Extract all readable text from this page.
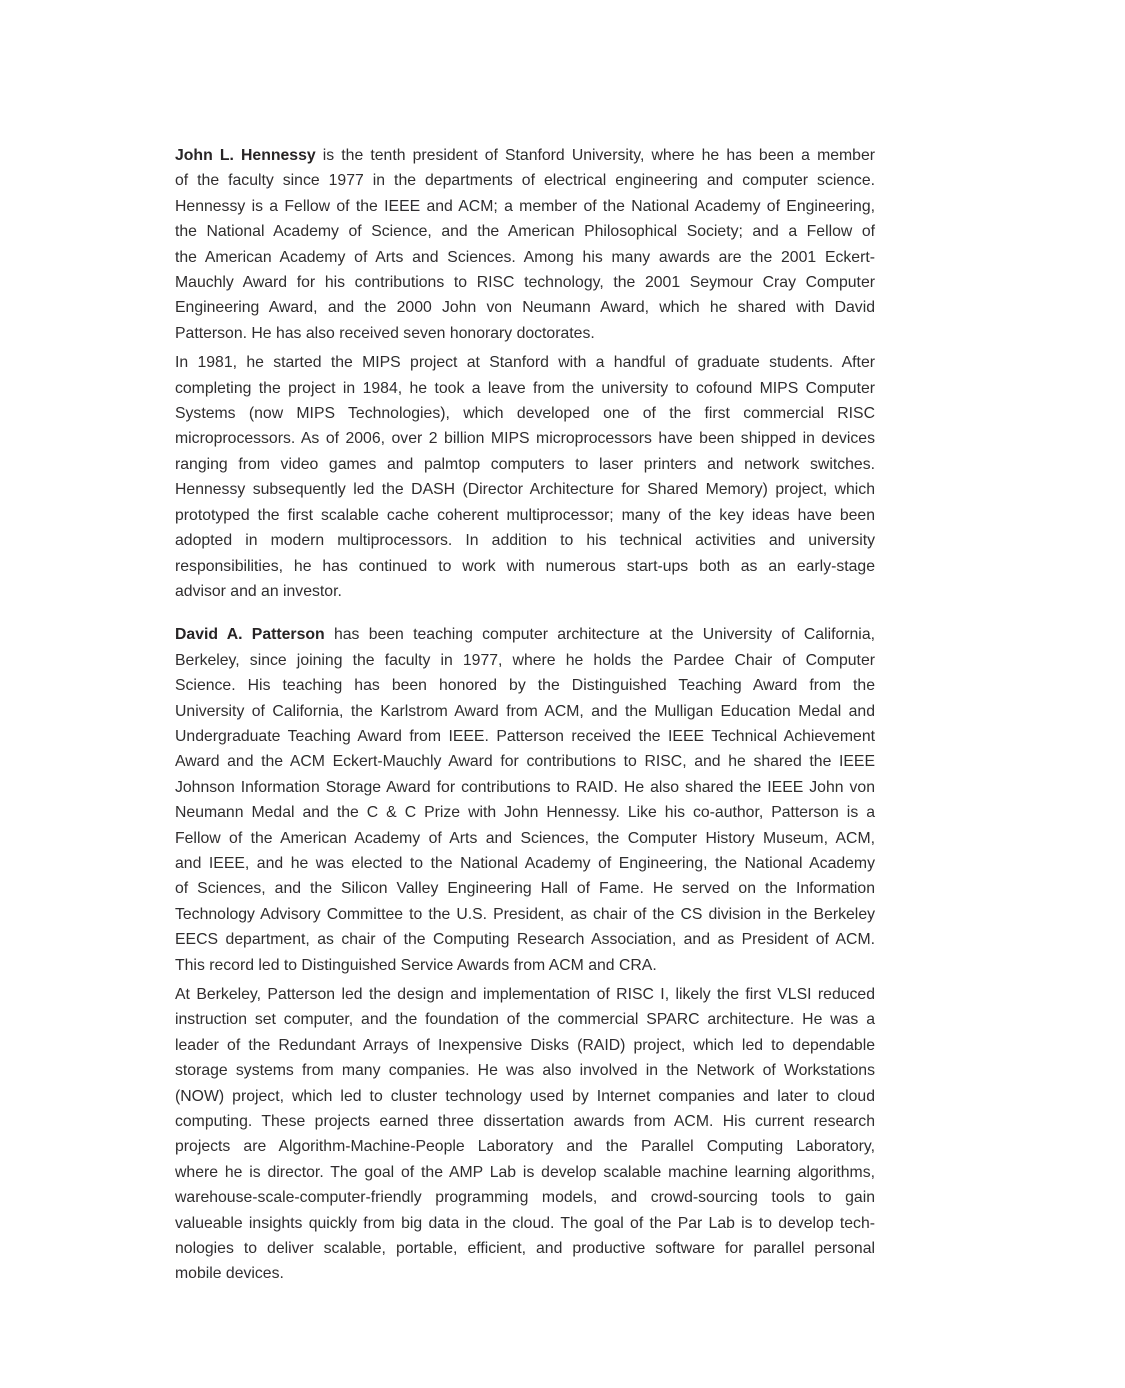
John L. Hennessy is the tenth president of Stanford University, where he has been a member
of the faculty since 1977 in the departments of electrical engineering and computer science.
Hennessy is a Fellow of the IEEE and ACM; a member of the National Academy of Engineering,
the National Academy of Science, and the American Philosophical Society; and a Fellow of
the American Academy of Arts and Sciences. Among his many awards are the 2001 Eckert-
Mauchly Award for his contributions to RISC technology, the 2001 Seymour Cray Computer
Engineering Award, and the 2000 John von Neumann Award, which he shared with David
Patterson. He has also received seven honorary doctorates.
In 1981, he started the MIPS project at Stanford with a handful of graduate students. After
completing the project in 1984, he took a leave from the university to cofound MIPS Computer
Systems (now MIPS Technologies), which developed one of the first commercial RISC
microprocessors. As of 2006, over 2 billion MIPS microprocessors have been shipped in devices
ranging from video games and palmtop computers to laser printers and network switches.
Hennessy subsequently led the DASH (Director Architecture for Shared Memory) project, which
prototyped the first scalable cache coherent multiprocessor; many of the key ideas have been
adopted in modern multiprocessors. In addition to his technical activities and university
responsibilities, he has continued to work with numerous start-ups both as an early-stage
advisor and an investor.
David A. Patterson has been teaching computer architecture at the University of California,
Berkeley, since joining the faculty in 1977, where he holds the Pardee Chair of Computer
Science. His teaching has been honored by the Distinguished Teaching Award from the
University of California, the Karlstrom Award from ACM, and the Mulligan Education Medal and
Undergraduate Teaching Award from IEEE. Patterson received the IEEE Technical Achievement
Award and the ACM Eckert-Mauchly Award for contributions to RISC, and he shared the IEEE
Johnson Information Storage Award for contributions to RAID. He also shared the IEEE John von
Neumann Medal and the C & C Prize with John Hennessy. Like his co-author, Patterson is a
Fellow of the American Academy of Arts and Sciences, the Computer History Museum, ACM,
and IEEE, and he was elected to the National Academy of Engineering, the National Academy
of Sciences, and the Silicon Valley Engineering Hall of Fame. He served on the Information
Technology Advisory Committee to the U.S. President, as chair of the CS division in the Berkeley
EECS department, as chair of the Computing Research Association, and as President of ACM.
This record led to Distinguished Service Awards from ACM and CRA.
At Berkeley, Patterson led the design and implementation of RISC I, likely the first VLSI reduced
instruction set computer, and the foundation of the commercial SPARC architecture. He was a
leader of the Redundant Arrays of Inexpensive Disks (RAID) project, which led to dependable
storage systems from many companies. He was also involved in the Network of Workstations
(NOW) project, which led to cluster technology used by Internet companies and later to cloud
computing. These projects earned three dissertation awards from ACM. His current research
projects are Algorithm-Machine-People Laboratory and the Parallel Computing Laboratory,
where he is director. The goal of the AMP Lab is develop scalable machine learning algorithms,
warehouse-scale-computer-friendly programming models, and crowd-sourcing tools to gain
valueable insights quickly from big data in the cloud. The goal of the Par Lab is to develop tech-
nologies to deliver scalable, portable, efficient, and productive software for parallel personal
mobile devices.
